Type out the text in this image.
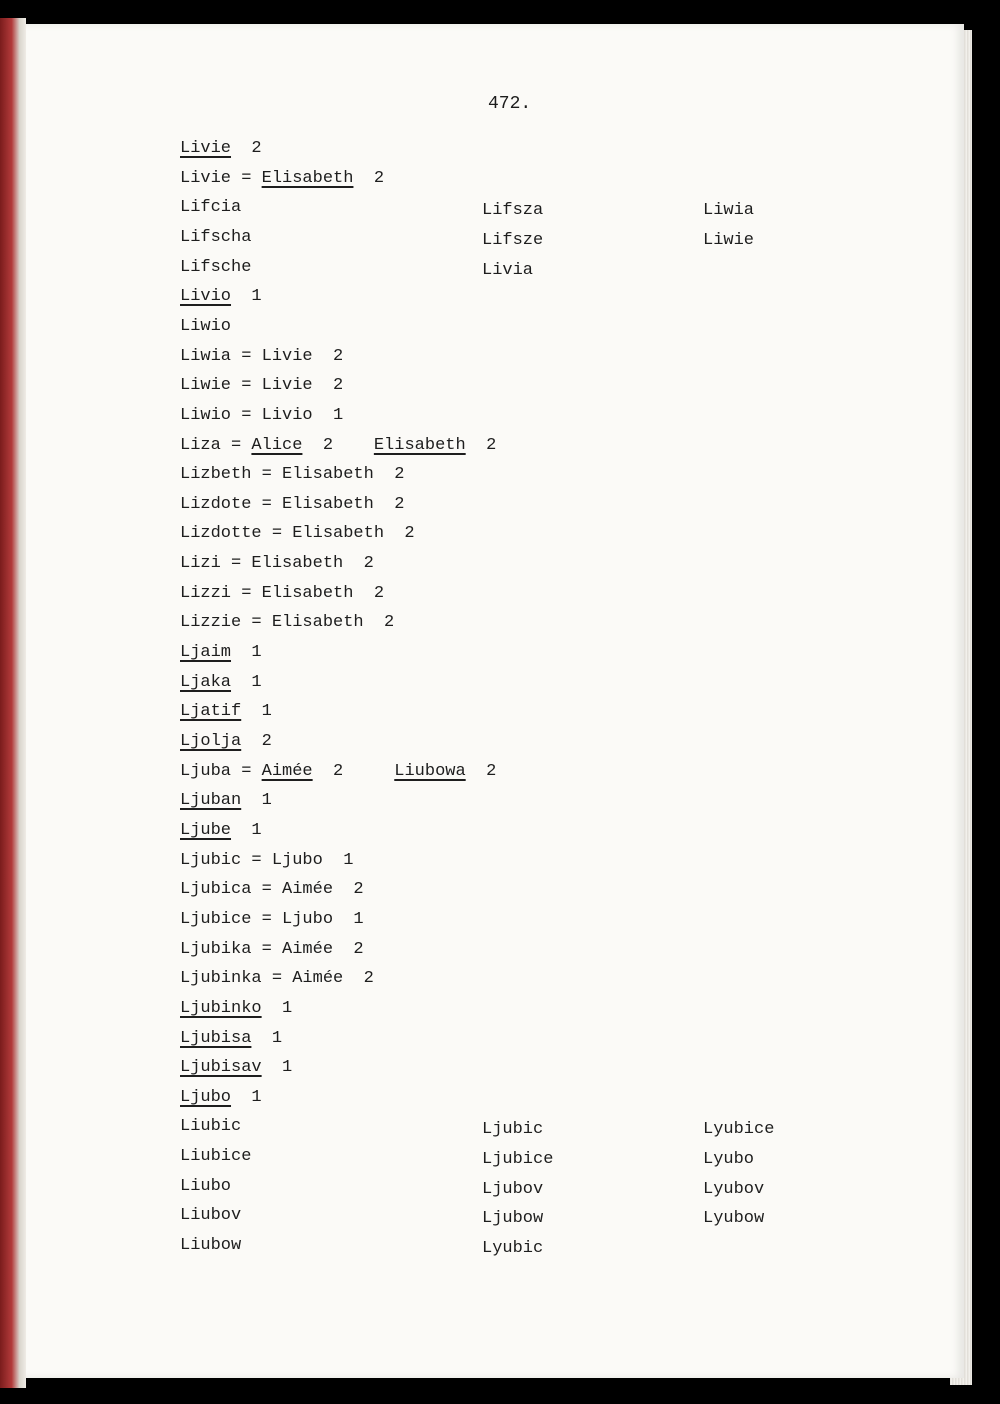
472.
Livie  2
Livie = Elisabeth  2
Lifcia
Lifscha
Lifsche
Livio  1
Liwio
Liwia = Livie  2
Liwie = Livie  2
Liwio = Livio  1
Liza = Alice  2    Elisabeth  2
Lizbeth = Elisabeth  2
Lizdote = Elisabeth  2
Lizdotte = Elisabeth  2
Lizi = Elisabeth  2
Lizzi = Elisabeth  2
Lizzie = Elisabeth  2
Ljaim  1
Ljaka  1
Ljatif  1
Ljolja  2
Ljuba = Aimée  2     Liubowa  2
Ljuban  1
Ljube  1
Ljubic = Ljubo  1
Ljubica = Aimée  2
Ljubice = Ljubo  1
Ljubika = Aimée  2
Ljubinka = Aimée  2
Ljubinko  1
Ljubisa  1
Ljubisav  1
Ljubo  1
Liubic
Liubice
Liubo
Liubov
Liubow
Lifsza
Lifsze
Livia
Ljubic
Ljubice
Ljubov
Ljubow
Lyubic
Liwia
Liwie
Lyubice
Lyubo
Lyubov
Lyubow
